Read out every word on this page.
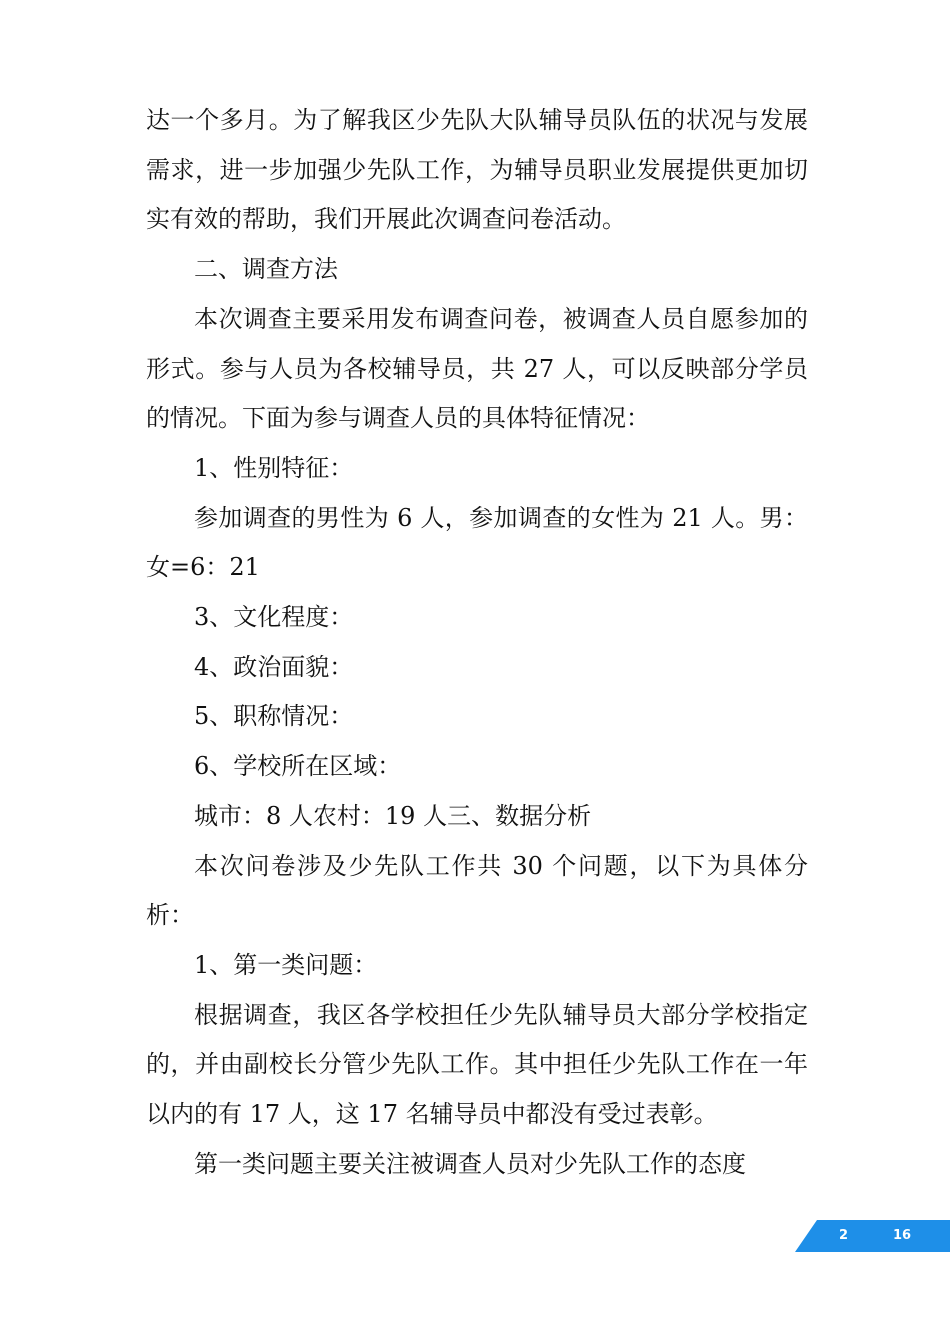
达一个多月。为了解我区少先队大队辅导员队伍的状况与发展需求，进一步加强少先队工作，为辅导员职业发展提供更加切实有效的帮助，我们开展此次调查问卷活动。

二、调查方法

本次调查主要采用发布调查问卷，被调查人员自愿参加的形式。参与人员为各校辅导员，共 27 人，可以反映部分学员的情况。下面为参与调查人员的具体特征情况：

1、性别特征：

参加调查的男性为 6 人，参加调查的女性为 21 人。男：女=6：21

3、文化程度：

4、政治面貌：

5、职称情况：

6、学校所在区域：

城市：8 人农村：19 人三、数据分析

本次问卷涉及少先队工作共 30 个问题，以下为具体分析：

1、第一类问题：

根据调查，我区各学校担任少先队辅导员大部分学校指定的，并由副校长分管少先队工作。其中担任少先队工作在一年以内的有 17 人，这 17 名辅导员中都没有受过表彰。

第一类问题主要关注被调查人员对少先队工作的态度

2	16
